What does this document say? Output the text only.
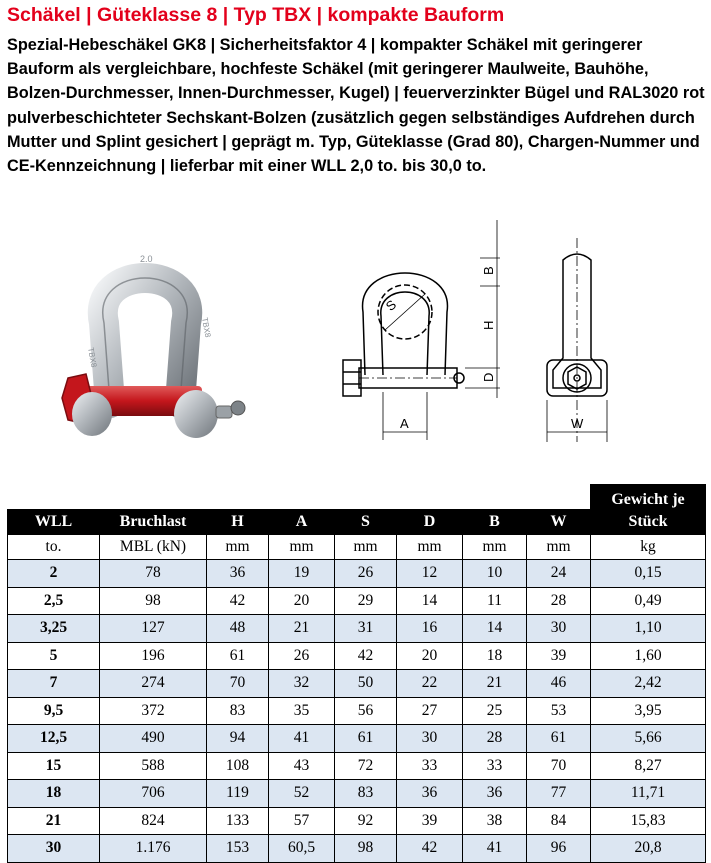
Schäkel | Güteklasse 8 | Typ TBX | kompakte Bauform

Spezial-Hebeschäkel GK8 | Sicherheitsfaktor 4 | kompakter Schäkel mit geringerer Bauform als vergleichbare, hochfeste Schäkel (mit geringerer Maulweite, Bauhöhe, Bolzen-Durchmesser, Innen-Durchmesser, Kugel) | feuerverzinkter Bügel und RAL3020 rot pulverbeschichteter Sechskant-Bolzen (zusätzlich gegen selbständiges Aufdrehen durch Mutter und Splint gesichert | geprägt m. Typ, Güteklasse (Grad 80), Chargen-Nummer und CE-Kennzeichnung | lieferbar mit einer WLL 2,0 to. bis 30,0 to.

2.0
TBX8
TBX8
B
H
D
S
A	W
								Gewicht je
WLL	Bruchlast	H	A	S	D	B	W	Stück
to.	MBL (kN)	mm	mm	mm	mm	mm	mm	kg
2	78	36	19	26	12	10	24	0,15
2,5	98	42	20	29	14	11	28	0,49
3,25	127	48	21	31	16	14	30	1,10
5	196	61	26	42	20	18	39	1,60
7	274	70	32	50	22	21	46	2,42
9,5	372	83	35	56	27	25	53	3,95
12,5	490	94	41	61	30	28	61	5,66
15	588	108	43	72	33	33	70	8,27
18	706	119	52	83	36	36	77	11,71
21	824	133	57	92	39	38	84	15,83
30	1.176	153	60,5	98	42	41	96	20,8
